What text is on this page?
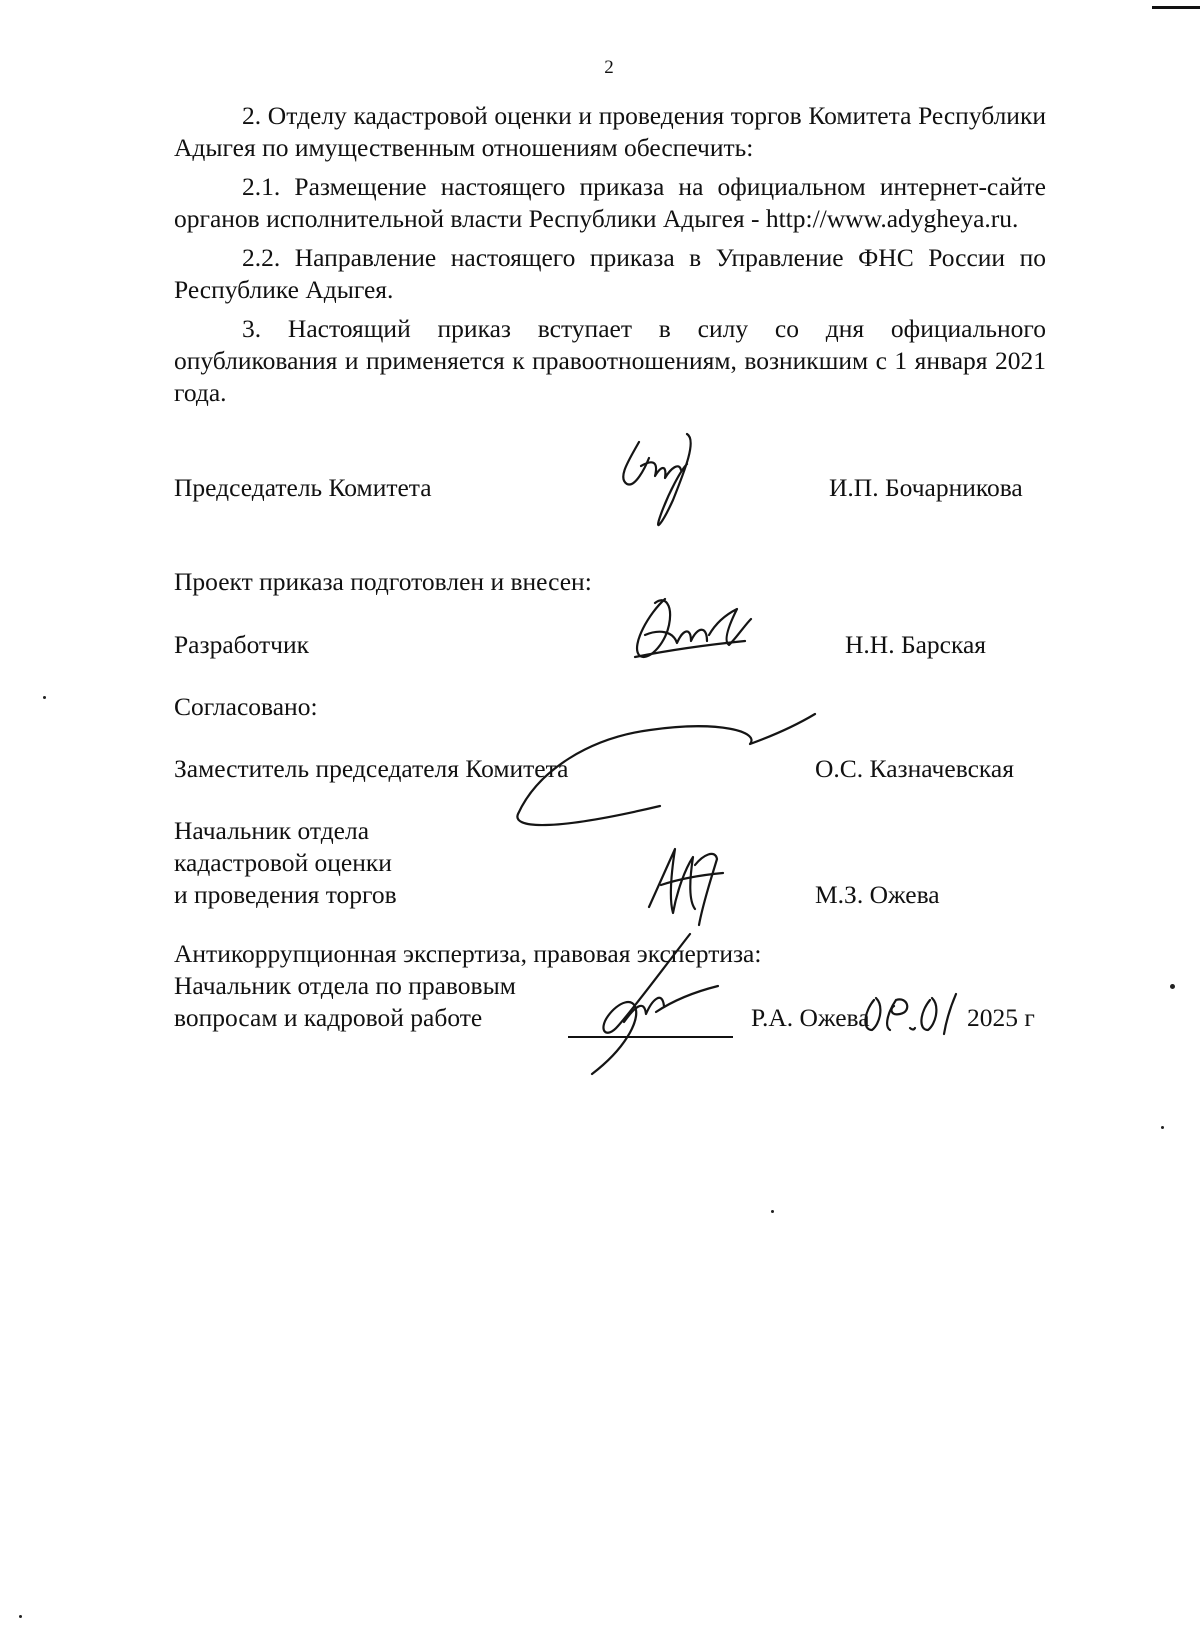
2

2. Отделу кадастровой оценки и проведения торгов Комитета Республики Адыгея по имущественным отношениям обеспечить:

2.1. Размещение настоящего приказа на официальном интернет-сайте органов исполнительной власти Республики Адыгея - http://www.adygheya.ru.

2.2. Направление настоящего приказа в Управление ФНС России по Республике Адыгея.

3. Настоящий приказ вступает в силу со дня официального опубликования и применяется к правоотношениям, возникшим с 1 января 2021 года.

Председатель Комитета	И.П. Бочарникова
Проект приказа подготовлен и внесен:
Разработчик	Н.Н. Барская
Согласовано:
Заместитель председателя Комитета	О.С. Казначевская
Начальник отдела
кадастровой оценки
и проведения торгов	М.З. Ожева
Антикоррупционная экспертиза, правовая экспертиза:
Начальник отдела по правовым
вопросам и кадровой работе	Р.А. Ожева	2025 г
